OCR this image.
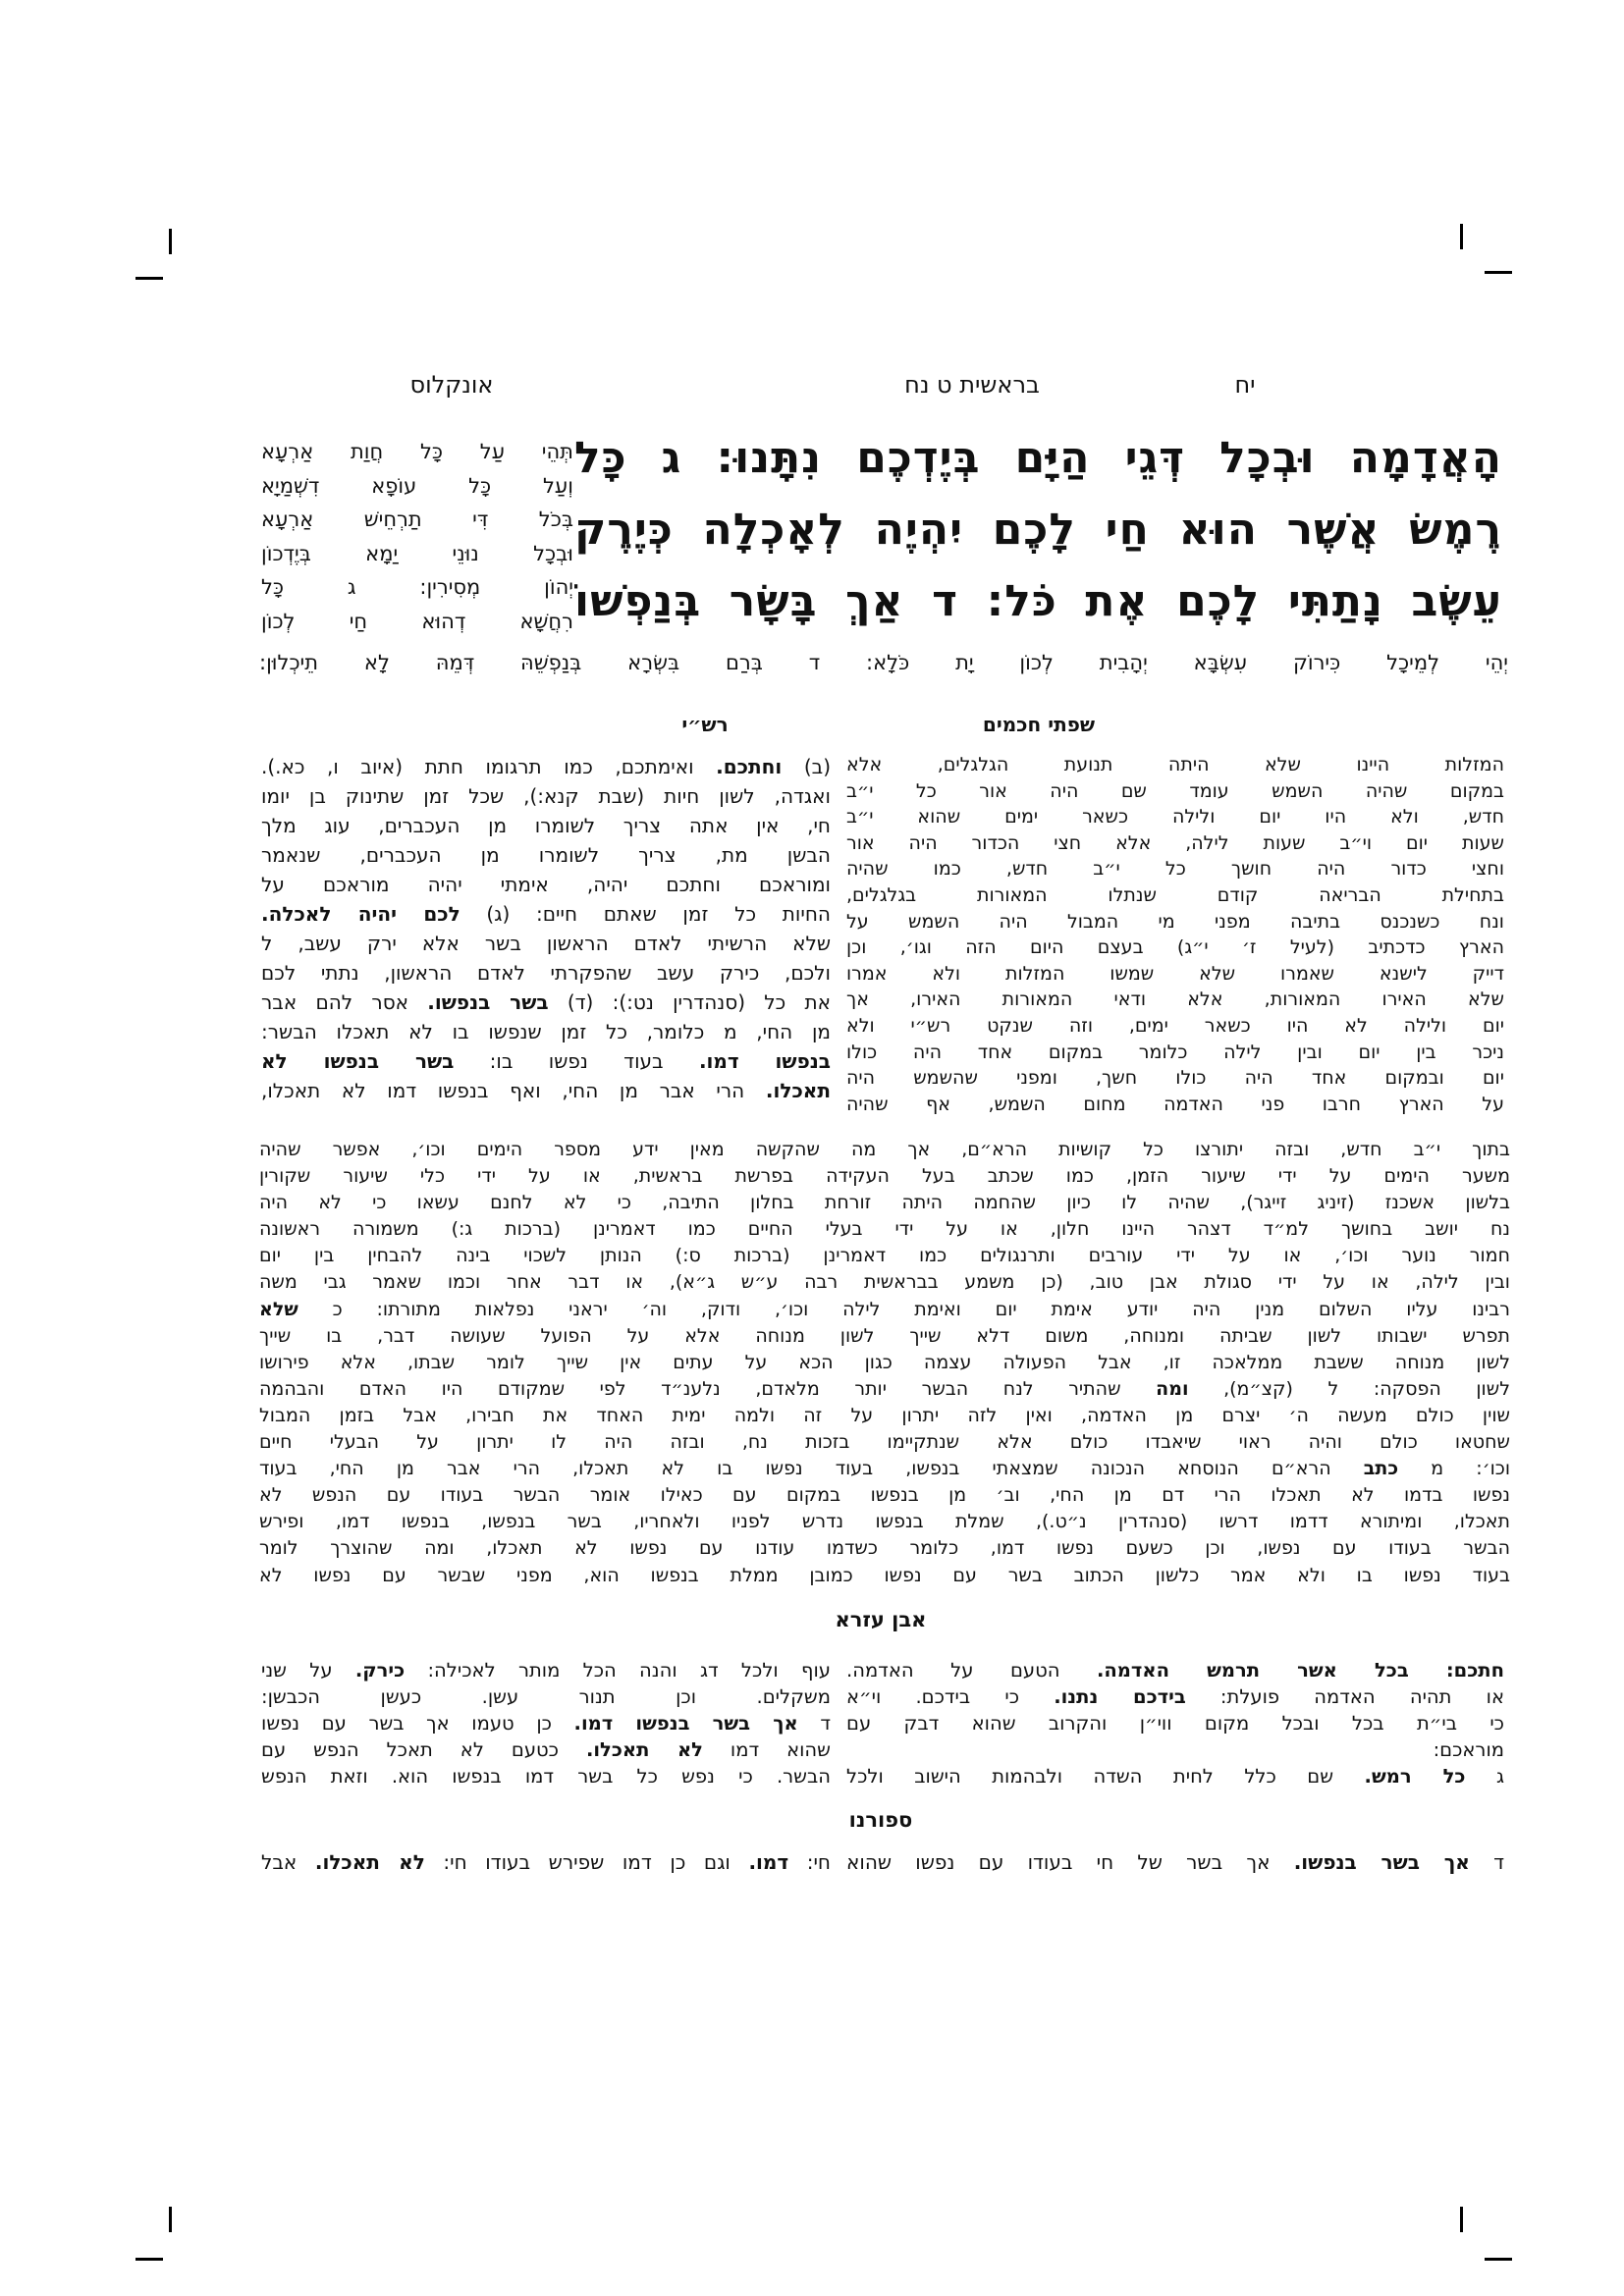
יח
בראשית ט נח
אונקלוס
הָאֲדָמָה וּבְכָל דְּגֵי הַיָּם בְּיֶדְכֶם נִתָּנוּ: ג כָּל
רֶמֶשׂ אֲשֶׁר הוּא חַי לָכֶם יִהְיֶה לְאָכְלָה כְּיֶרֶק
עֵשֶׂב נָתַתִּי לָכֶם אֶת כֹּל: ד אַךְ בָּשָׂר בְּנַפְשׁוֹ
תְּהֵי עַל כָּל חֲוַת אַרְעָא
וְעַל כָּל עוֹפָא דִשְׁמַיָא
בְּכֹל דִּי תַרְחֵישׁ אַרְעָא
וּבְכָל נוּנֵי יַמָא בְּיֶדְכוֹן
יְהוֹן מְסִירִין: ג כָּל
רִחֲשָׁא דְהוּא חַי לְכוֹן
יְהֵי לְמֵיכָל כִּירוֹק עִשְׂבָּא יְהָבִית לְכוֹן יָת כֹּלָא: ד בְּרַם בִּשְׂרָא בְּנַפְשֵׁהּ דְּמֵהּ לָא תֵיכְלוּן:
שפתי חכמים
רש״י
המזלות היינו שלא היתה תנועת הגלגלים, אלא
במקום שהיה השמש עומד שם היה אור כל י״ב
חדש, ולא היו יום ולילה כשאר ימים שהוא י״ב
שעות יום וי״ב שעות לילה, אלא חצי הכדור היה אור
וחצי כדור היה חושך כל י״ב חדש, כמו שהיה
בתחילת הבריאה קודם שנתלו המאורות בגלגלים,
ונח כשנכנס בתיבה מפני מי המבול היה השמש על
הארץ כדכתיב (לעיל ז׳ י״ג) בעצם היום הזה וגו׳, וכן
דייק לישנא שאמרו שלא שמשו המזלות ולא אמרו
שלא האירו המאורות, אלא ודאי המאורות האירו, אך
יום ולילה לא היו כשאר ימים, וזה שנקט רש״י ולא
ניכר בין יום ובין לילה כלומר במקום אחד היה כולו
יום ובמקום אחד היה כולו חשך, ומפני שהשמש היה
על הארץ חרבו פני האדמה מחום השמש, אף שהיה
(ב) וחתכם. ואימתכם, כמו תרגומו חתת (איוב ו, כא.).
ואגדה, לשון חיות (שבת קנא:), שכל זמן שתינוק בן יומו
חי, אין אתה צריך לשומרו מן העכברים, עוג מלך
הבשן מת, צריך לשומרו מן העכברים, שנאמר
ומוראכם וחתכם יהיה, אימתי יהיה מוראכם על
החיות כל זמן שאתם חיים: (ג) לכם יהיה לאכלה.
שלא הרשיתי לאדם הראשון בשר אלא ירק עשב, ל
ולכם, כירק עשב שהפקרתי לאדם הראשון, נתתי לכם
את כל (סנהדרין נט:): (ד) בשר בנפשו. אסר להם אבר
מן החי, מ כלומר, כל זמן שנפשו בו לא תאכלו הבשר:
בנפשו דמו. בעוד נפשו בו: בשר בנפשו לא
תאכלו. הרי אבר מן החי, ואף בנפשו דמו לא תאכלו,
בתוך י״ב חדש, ובזה יתורצו כל קושיות הרא״ם, אך מה שהקשה מאין ידע מספר הימים וכו׳, אפשר שהיה
משער הימים על ידי שיעור הזמן, כמו שכתב בעל העקידה בפרשת בראשית, או על ידי כלי שיעור שקורין
בלשון אשכנז (זיניג זייגר), שהיה לו כיון שהחמה היתה זורחת בחלון התיבה, כי לא לחנם עשאו כי לא היה
נח יושב בחושך למ״ד דצהר היינו חלון, או על ידי בעלי החיים כמו דאמרינן (ברכות ג:) משמורה ראשונה
חמור נוער וכו׳, או על ידי עורבים ותרנגולים כמו דאמרינן (ברכות ס:) הנותן לשכוי בינה להבחין בין יום
ובין לילה, או על ידי סגולת אבן טוב, (כן משמע בבראשית רבה ע״ש ג״א), או דבר אחר וכמו שאמר גבי משה
רבינו עליו השלום מנין היה יודע אימת יום ואימת לילה וכו׳, ודוק, וה׳ יראני נפלאות מתורתו: כ שלא
תפרש ישבותו לשון שביתה ומנוחה, משום דלא שייך לשון מנוחה אלא על הפועל שעושה דבר, בו שייך
לשון מנוחה ששבת ממלאכה זו, אבל הפעולה עצמה כגון הכא על עתים אין שייך לומר שבתו, אלא פירושו
לשון הפסקה: ל (קצ״מ), ומה שהתיר לנח הבשר יותר מלאדם, נלענ״ד לפי שמקודם היו האדם והבהמה
שוין כולם מעשה ה׳ יצרם מן האדמה, ואין לזה יתרון על זה ולמה ימית האחד את חבירו, אבל בזמן המבול
שחטאו כולם והיה ראוי שיאבדו כולם אלא שנתקיימו בזכות נח, ובזה היה לו יתרון על הבעלי חיים
וכו׳: מ כתב הרא״ם הנוסחא הנכונה שמצאתי בנפשו, בעוד נפשו בו לא תאכלו, הרי אבר מן החי, בעוד
נפשו בדמו לא תאכלו הרי דם מן החי, וב׳ מן בנפשו במקום עם כאילו אומר הבשר בעודו עם הנפש לא
תאכלו, ומיתורא דדמו דרשו (סנהדרין נ״ט.), שמלת בנפשו נדרש לפניו ולאחריו, בשר בנפשו, בנפשו דמו, ופירש
הבשר בעודו עם נפשו, וכן כשעם נפשו דמו, כלומר כשדמו עודנו עם נפשו לא תאכלו, ומה שהוצרך לומר
בעוד נפשו בו ולא אמר כלשון הכתוב בשר עם נפשו כמובן ממלת בנפשו הוא, מפני שבשר עם נפשו לא
אבן עזרא
חתכם: בכל אשר תרמש האדמה. הטעם על האדמה.
או תהיה האדמה פועלת: בידכם נתנו. כי בידכם. וי״א
כי בי״ת בכל ובכל מקום ווי״ן והקרוב שהוא דבק עם
מוראכם:
ג כל רמש. שם כלל לחית השדה ולבהמות הישוב ולכל
עוף ולכל דג והנה הכל מותר לאכילה: כירק. על שני
משקלים. וכן תנור עשן. כעשן הכבשן:
ד אך בשר בנפשו דמו. כן טעמו אך בשר עם נפשו
שהוא דמו לא תאכלו. כטעם לא תאכל הנפש עם
הבשר. כי נפש כל בשר דמו בנפשו הוא. וזאת הנפש
ספורנו
ד אך בשר בנפשו. אך בשר של חי בעודו עם נפשו שהוא
חי: דמו. וגם כן דמו שפירש בעודו חי: לא תאכלו. אבל
